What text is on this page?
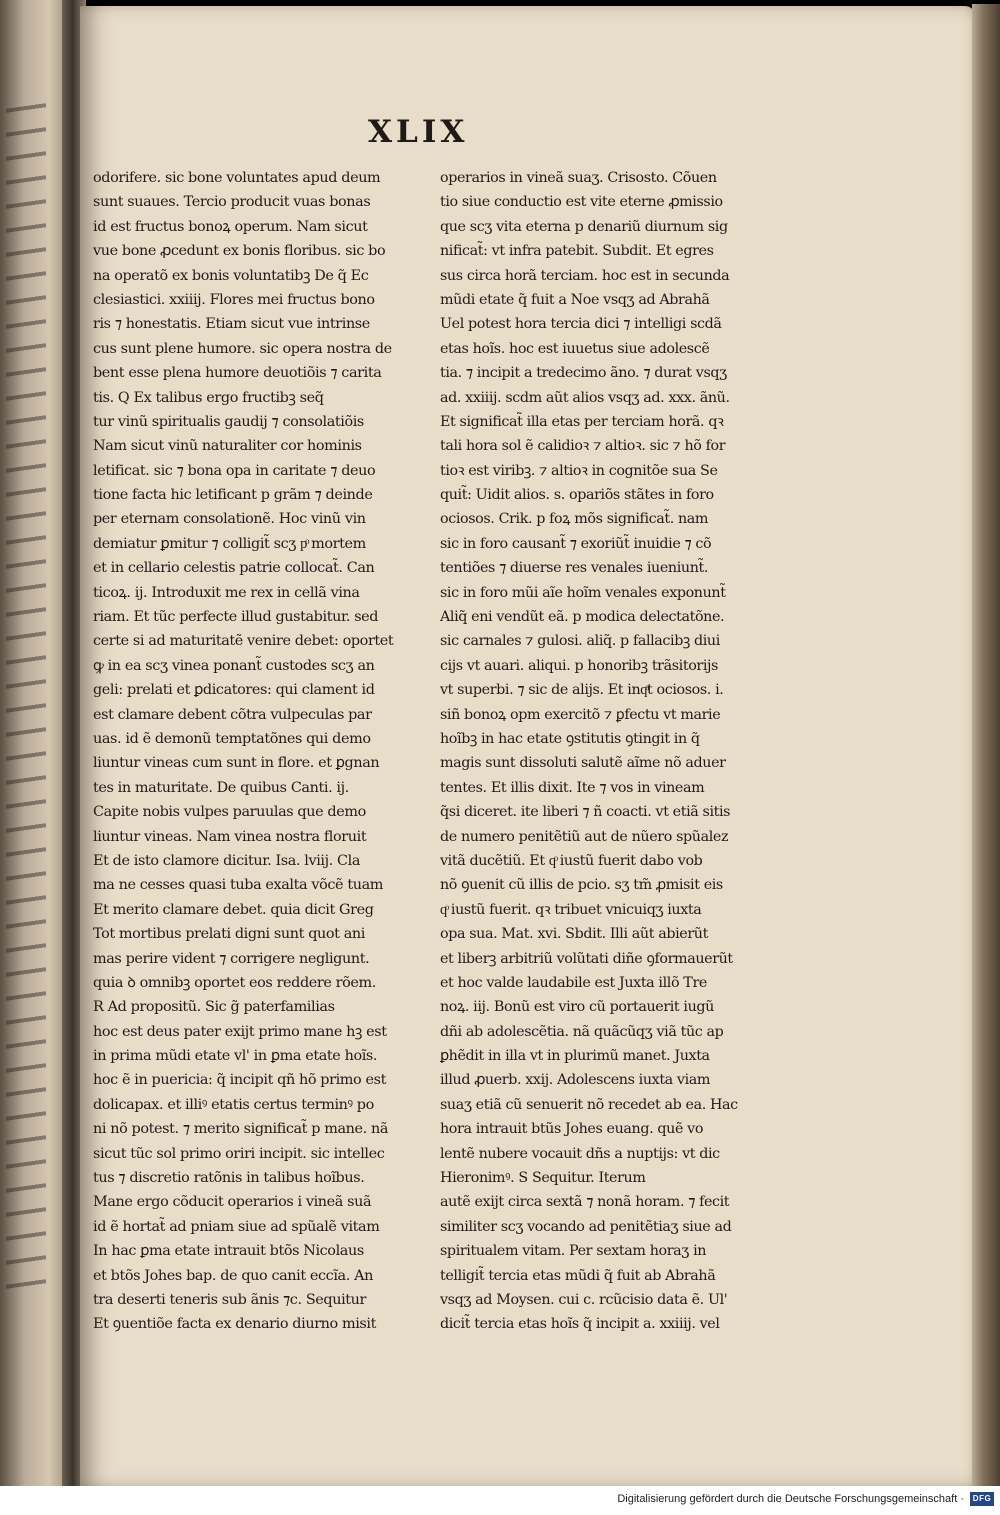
XLIX
odorifere. sic bone voluntates apud deum
sunt suaues. Tercio producit vuas bonas
id est fructus bonoꝝ operum. Nam sicut
vue bone ꝓcedunt ex bonis floribus. sic bo
na operatõ ex bonis voluntatibꝫ De q̃ Ec
clesiastici. xxiiij. Flores mei fructus bono
ris ⁊ honestatis. Etiam sicut vue intrinse
cus sunt plene humore. sic opera nostra de
bent esse plena humore deuotiõis ⁊ carita
tis. Q Ex talibus ergo fructibꝫ seq̃
tur vinũ spiritualis gaudij ⁊ consolatiõis
Nam sicut vinũ naturaliter cor hominis
letificat. sic ⁊ bona opa in caritate ⁊ deuo
tione facta hic letificant p grãm ⁊ deinde
per eternam consolationẽ. Hoc vinũ vin
demiatur ꝑmitur ⁊ colligit̃ scʒ pͦ mortem
et in cellario celestis patrie collocat̃. Can
ticoꝝ. ij. Introduxit me rex in cellã vina
riam. Et tũc perfecte illud gustabitur. sed
certe si ad maturitatẽ venire debet: oportet
ꝙ in ea scʒ vinea ponant̃ custodes scʒ an
geli: prelati et ꝑdicatores: qui clament id
est clamare debent cõtra vulpeculas par
uas. id ẽ demonũ temptatõnes qui demo
liuntur vineas cum sunt in flore. et ꝑgnan
tes in maturitate. De quibus Canti. ij.
Capite nobis vulpes paruulas que demo
liuntur vineas. Nam vinea nostra floruit
Et de isto clamore dicitur. Isa. lviij. Cla
ma ne cesses quasi tuba exalta võcẽ tuam
Et merito clamare debet. quia dicit Greg
Tot mortibus prelati digni sunt quot ani
mas perire vident ⁊ corrigere negligunt.
quia ꝺ omnibꝫ oportet eos reddere rõem.
R Ad propositũ. Sic g̃ paterfamilias
hoc est deus pater exijt primo mane hꝫ est
in prima mũdi etate vl' in ꝑma etate hoĩs.
hoc ẽ in puericia: q̃ incipit qñ hõ primo est
dolicapax. et illiꝰ etatis certus terminꝰ po
ni nõ potest. ⁊ merito significat̃ p mane. nã
sicut tũc sol primo oriri incipit. sic intellec
tus ⁊ discretio ratõnis in talibus hoĩbus.
Mane ergo cõducit operarios i vineã suã
id ẽ hortat̃ ad pniam siue ad spũalẽ vitam
In hac ꝑma etate intrauit btõs Nicolaus
et btõs Johes bap. de quo canit eccĩa. An
tra deserti teneris sub ãnis ⁊c. Sequitur
Et ꝯuentiõe facta ex denario diurno misit
operarios in vineã suaʒ. Crisosto. Cõuen
tio siue conductio est vite eterne ꝓmissio
que scʒ vita eterna p denariũ diurnum sig
nificat̃: vt infra patebit. Subdit. Et egres
sus circa horã terciam. hoc est in secunda
mũdi etate q̃ fuit a Noe vsqʒ ad Abrahã
Uel potest hora tercia dici ⁊ intelligi scdã
etas hoĩs. hoc est iuuetus siue adolescẽ
tia. ⁊ incipit a tredecimo ãno. ⁊ durat vsqʒ
ad. xxiiij. scdm aũt alios vsqʒ ad. xxx. ãnũ.
Et significat̃ illa etas per terciam horã. qꝛ
tali hora sol ẽ calidioꝛ ⁊ altioꝛ. sic ⁊ hõ for
tioꝛ est viribꝫ. ⁊ altioꝛ in cognitõe sua Se
quit̃: Uidit alios. s. opariõs stãtes in foro
ociosos. Crik. p foꝝ mõs significat̃. nam
sic in foro causant̃ ⁊ exoriũt̃ inuidie ⁊ cõ
tentiões ⁊ diuerse res venales iueniunt̃.
sic in foro mũi aĩe hoĩm venales exponunt̃
Aliq̃ eni vendũt eã. p modica delectatõne.
sic carnales ⁊ gulosi. aliq̃. p fallacibꝫ diui
cijs vt auari. aliqui. p honoribꝫ trãsitorijs
vt superbi. ⁊ sic de alijs. Et inqͣt ociosos. i.
siñ bonoꝝ opm exercitõ ⁊ ꝑfectu vt marie
hoĩbꝫ in hac etate ꝯstitutis ꝯtingit in q̃
magis sunt dissoluti salutẽ aĩme nõ aduer
tentes. Et illis dixit. Ite ⁊ vos in vineam
q̃si diceret. ite liberi ⁊ ñ coacti. vt etiã sitis
de numero penitẽtiũ aut de nũero spũalez
vitã ducẽtiũ. Et qͦ iustũ fuerit dabo vob
nõ ꝯuenit cũ illis de pcio. sʒ tm̃ ꝓmisit eis
qͦ iustũ fuerit. qꝛ tribuet vnicuiqʒ iuxta
opa sua. Mat. xvi. Sbdit. Illi aũt abierũt
et liberꝫ arbitriũ volũtati diñe ꝯformauerũt
et hoc valde laudabile est Juxta illõ Tre
noꝝ. iij. Bonũ est viro cũ portauerit iugũ
dñi ab adolescẽtia. nã quãcũqʒ viã tũc ap
ꝑhẽdit in illa vt in plurimũ manet. Juxta
illud ꝓuerb. xxij. Adolescens iuxta viam
suaʒ etiã cũ senuerit nõ recedet ab ea. Hac
hora intrauit btũs Johes euang. quẽ vo
lentẽ nubere vocauit dñs a nuptijs: vt dic
Hieronimꝰ. S Sequitur. Iterum
autẽ exijt circa sextã ⁊ nonã horam. ⁊ fecit
similiter scʒ vocando ad penitẽtiaʒ siue ad
spiritualem vitam. Per sextam horaʒ in
telligit̃ tercia etas mũdi q̃ fuit ab Abrahã
vsqʒ ad Moysen. cui c. rcũcisio data ẽ. Ul'
dicit̃ tercia etas hoĩs q̃ incipit a. xxiiij. vel
Digitalisierung gefördert durch die Deutsche Forschungsgemeinschaft ·	DFG
